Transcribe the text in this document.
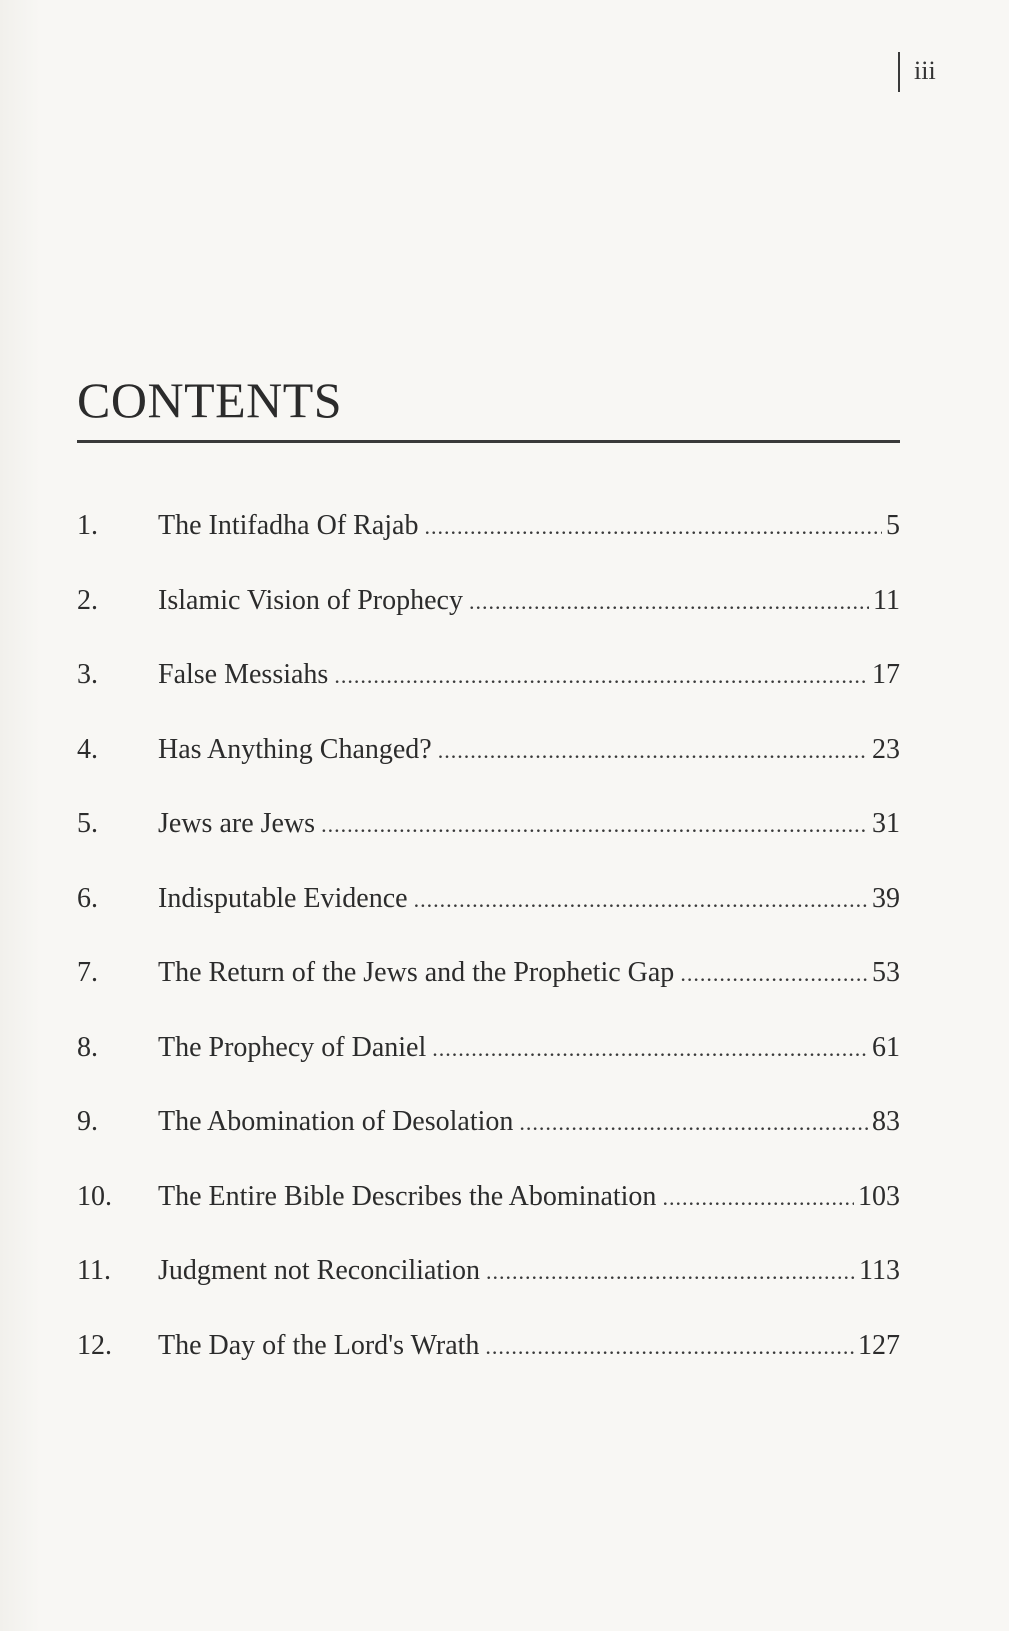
iii
CONTENTS
1.	The Intifadha Of Rajab .....	5
2.	Islamic Vision of Prophecy .....	11
3.	False Messiahs .....	17
4.	Has Anything Changed? .....	23
5.	Jews are Jews .....	31
6.	Indisputable Evidence .....	39
7.	The Return of the Jews and the Prophetic Gap .....	53
8.	The Prophecy of Daniel .....	61
9.	The Abomination of Desolation .....	83
10.	The Entire Bible Describes the Abomination .....	103
11.	Judgment not Reconciliation .....	113
12.	The Day of the Lord's Wrath .....	127
